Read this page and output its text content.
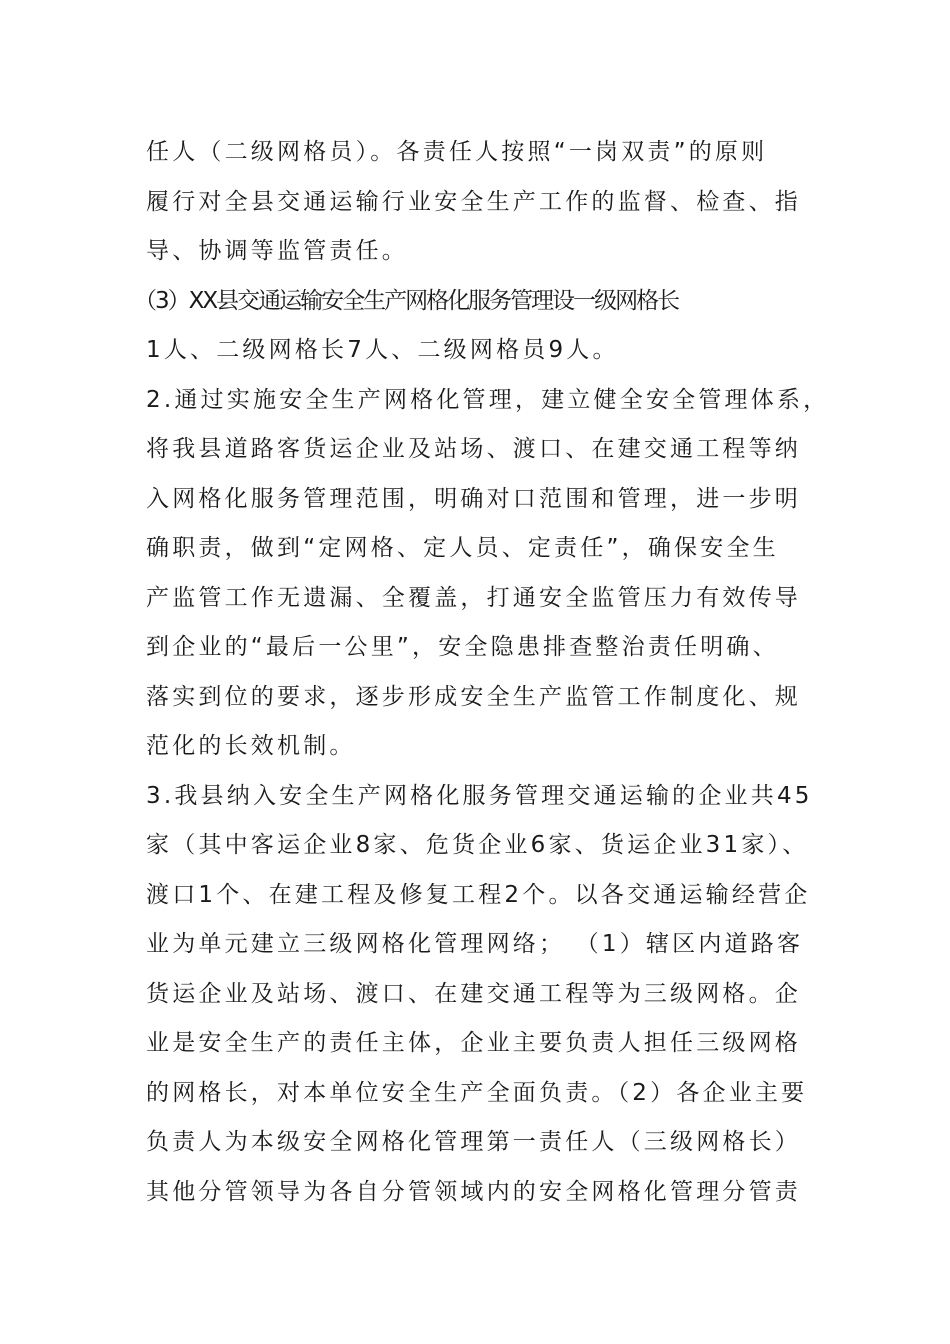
任人（二级网格员）。各责任人按照“一岗双责”的原则
履行对全县交通运输行业安全生产工作的监督、检查、指
导、协调等监管责任。
（3）XX县交通运输安全生产网格化服务管理设一级网格长
1人、二级网格长7人、二级网格员9人。
2.通过实施安全生产网格化管理，建立健全安全管理体系，
将我县道路客货运企业及站场、渡口、在建交通工程等纳
入网格化服务管理范围，明确对口范围和管理，进一步明
确职责，做到“定网格、定人员、定责任”，确保安全生
产监管工作无遗漏、全覆盖，打通安全监管压力有效传导
到企业的“最后一公里”，安全隐患排查整治责任明确、
落实到位的要求，逐步形成安全生产监管工作制度化、规
范化的长效机制。
3.我县纳入安全生产网格化服务管理交通运输的企业共45
家（其中客运企业8家、危货企业6家、货运企业31家）、
渡口1个、在建工程及修复工程2个。以各交通运输经营企
业为单元建立三级网格化管理网络； （1）辖区内道路客
货运企业及站场、渡口、在建交通工程等为三级网格。企
业是安全生产的责任主体，企业主要负责人担任三级网格
的网格长，对本单位安全生产全面负责。（2）各企业主要
负责人为本级安全网格化管理第一责任人（三级网格长）
其他分管领导为各自分管领域内的安全网格化管理分管责
